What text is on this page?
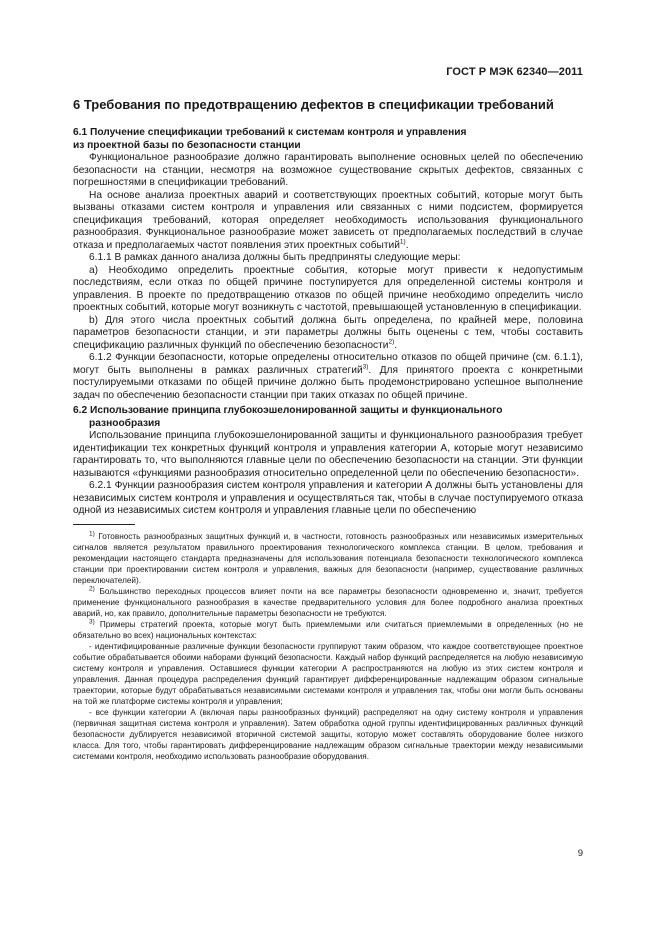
ГОСТ Р МЭК 62340—2011
6 Требования по предотвращению дефектов в спецификации требований
6.1 Получение спецификации требований к системам контроля и управления
из проектной базы по безопасности станции

Функциональное разнообразие должно гарантировать выполнение основных целей по обеспечению безопасности на станции, несмотря на возможное существование скрытых дефектов, связанных с погрешностями в спецификации требований.

На основе анализа проектных аварий и соответствующих проектных событий, которые могут быть вызваны отказами систем контроля и управления или связанных с ними подсистем, формируется спецификация требований, которая определяет необходимость использования функционального разнообразия. Функциональное разнообразие может зависеть от предполагаемых последствий в случае отказа и предполагаемых частот появления этих проектных событий$^{1)}$.

6.1.1 В рамках данного анализа должны быть предприняты следующие меры:

a) Необходимо определить проектные события, которые могут привести к недопустимым последствиям, если отказ по общей причине поступируется для определенной системы контроля и управления. В проекте по предотвращению отказов по общей причине необходимо определить число проектных событий, которые могут возникнуть с частотой, превышающей установленную в спецификации.

b) Для этого числа проектных событий должна быть определена, по крайней мере, половина параметров безопасности станции, и эти параметры должны быть оценены с тем, чтобы составить спецификацию различных функций по обеспечению безопасности$^{2)}$.

6.1.2 Функции безопасности, которые определены относительно отказов по общей причине (см. 6.1.1), могут быть выполнены в рамках различных стратегий$^{3)}$. Для принятого проекта с конкретными постулируемыми отказами по общей причине должно быть продемонстрировано успешное выполнение задач по обеспечению безопасности станции при таких отказах по общей причине.

6.2 Использование принципа глубокоэшелонированной защиты и функционального
разнообразия

Использование принципа глубокоэшелонированной защиты и функционального разнообразия требует идентификации тех конкретных функций контроля и управления категории А, которые могут независимо гарантировать то, что выполняются главные цели по обеспечению безопасности на станции. Эти функции называются «функциями разнообразия относительно определенной цели по обеспечению безопасности».

6.2.1 Функции разнообразия систем контроля управления и категории А должны быть установлены для независимых систем контроля и управления и осуществляться так, чтобы в случае поступируемого отказа одной из независимых систем контроля и управления главные цели по обеспечению

$^{1)}$ Готовность разнообразных защитных функций и, в частности, готовность разнообразных или независимых измерительных сигналов является результатом правильного проектирования технологического комплекса станции. В целом, требования и рекомендации настоящего стандарта предназначены для использования потенциала безопасности технологического комплекса станции при проектировании систем контроля и управления, важных для безопасности (например, существование различных переключателей).

$^{2)}$ Большинство переходных процессов влияет почти на все параметры безопасности одновременно и, значит, требуется применение функционального разнообразия в качестве предварительного условия для более подробного анализа проектных аварий, но, как правило, дополнительные параметры безопасности не требуются.

$^{3)}$ Примеры стратегий проекта, которые могут быть приемлемыми или считаться приемлемыми в определенных (но не обязательно во всех) национальных контекстах:

- идентифицированные различные функции безопасности группируют таким образом, что каждое соответствующее проектное событие обрабатывается обоими наборами функций безопасности. Каждый набор функций распределяется на любую независимую систему контроля и управления. Оставшиеся функции категории А распространяются на любую из этих систем контроля и управления. Данная процедура распределения функций гарантирует дифференцированные надлежащим образом сигнальные траектории, которые будут обрабатываться независимыми системами контроля и управления так, чтобы они могли быть основаны на той же платформе системы контроля и управления;

- все функции категории А (включая пары разнообразных функций) распределяют на одну систему контроля и управления (первичная защитная система контроля и управления). Затем обработка одной группы идентифицированных различных функций безопасности дублируется независимой вторичной системой защиты, которую может составлять оборудование более низкого класса. Для того, чтобы гарантировать дифференцирование надлежащим образом сигнальные траектории между независимыми системами контроля, необходимо использовать разнообразие оборудования.

9
